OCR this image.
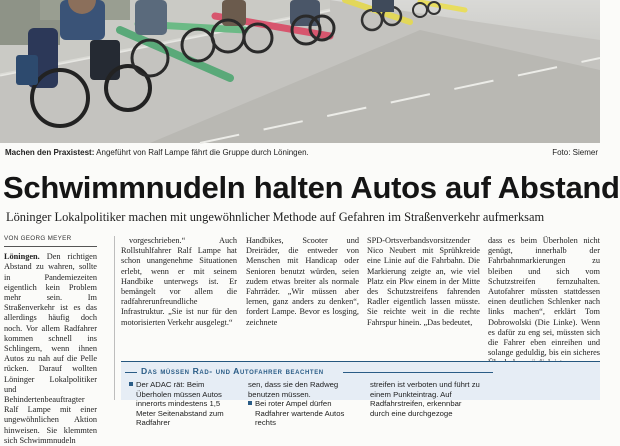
Machen den Praxistest: Angeführt von Ralf Lampe fährt die Gruppe durch Löningen.	Foto: Siemer
Schwimmnudeln halten Autos auf Abstand
Löninger Lokalpolitiker machen mit ungewöhnlicher Methode auf Gefahren im Straßenverkehr aufmerksam
VON GEORG MEYER

Löningen. Den richtigen Abstand zu wahren, sollte in Pandemiezeiten eigentlich kein Problem mehr sein. Im Straßenverkehr ist es das allerdings häufig doch noch. Vor allem Radfahrer kommen schnell ins Schlingern, wenn ihnen Autos zu nah auf die Pelle rücken. Darauf wollten Löninger Lokalpolitiker und Behindertenbeauftragter Ralf Lampe mit einer ungewöhnlichen Aktion hinweisen. Sie klemmten sich Schwimmnudeln

vorgeschrieben.“ Auch Rollstuhlfahrer Ralf Lampe hat schon unangenehme Situationen erlebt, wenn er mit seinem Handbike unterwegs ist. Er bemängelt vor allem die radfahrerunfreundliche Infrastruktur. „Sie ist nur für den motorisierten Verkehr ausgelegt.“

Handbikes, Scooter und Dreiräder, die entweder von Menschen mit Handicap oder Senioren benutzt würden, seien zudem etwas breiter als normale Fahrräder. „Wir müssen aber lernen, ganz anders zu denken“, fordert Lampe. Bevor es losging, zeichnete

SPD-Ortsverbandsvorsitzender Nico Neubert mit Sprühkreide eine Linie auf die Fahrbahn. Die Markierung zeigte an, wie viel Platz ein Pkw einem in der Mitte des Schutzstreifens fahrenden Radler eigentlich lassen müsste. Sie reichte weit in die rechte Fahrspur hinein. „Das bedeutet,

dass es beim Überholen nicht genügt, innerhalb der Fahrbahnmarkierungen zu bleiben und sich vom Schutzstreifen fernzuhalten. Autofahrer müssten stattdessen einen deutlichen Schlenker nach links machen“, erklärt Tom Dobrowolski (Die Linke). Wenn es dafür zu eng sei, müssten sich die Fahrer eben einreihen und solange geduldig, bis ein sicheres

Das müssen Rad- und Autofahrer beachten
Der ADAC rät: Beim Überholen müssen Autos innerorts mindestens 1,5 Meter Seitenabstand zum Radfahrer
sen, dass sie den Radweg benutzen müssen.
Bei roter Ampel dürfen Radfahrer wartende Autos rechts
streifen ist verboten und führt zu einem Punkteintrag. Auf Radfahrstreifen, erkennbar durch eine durchgezoge
